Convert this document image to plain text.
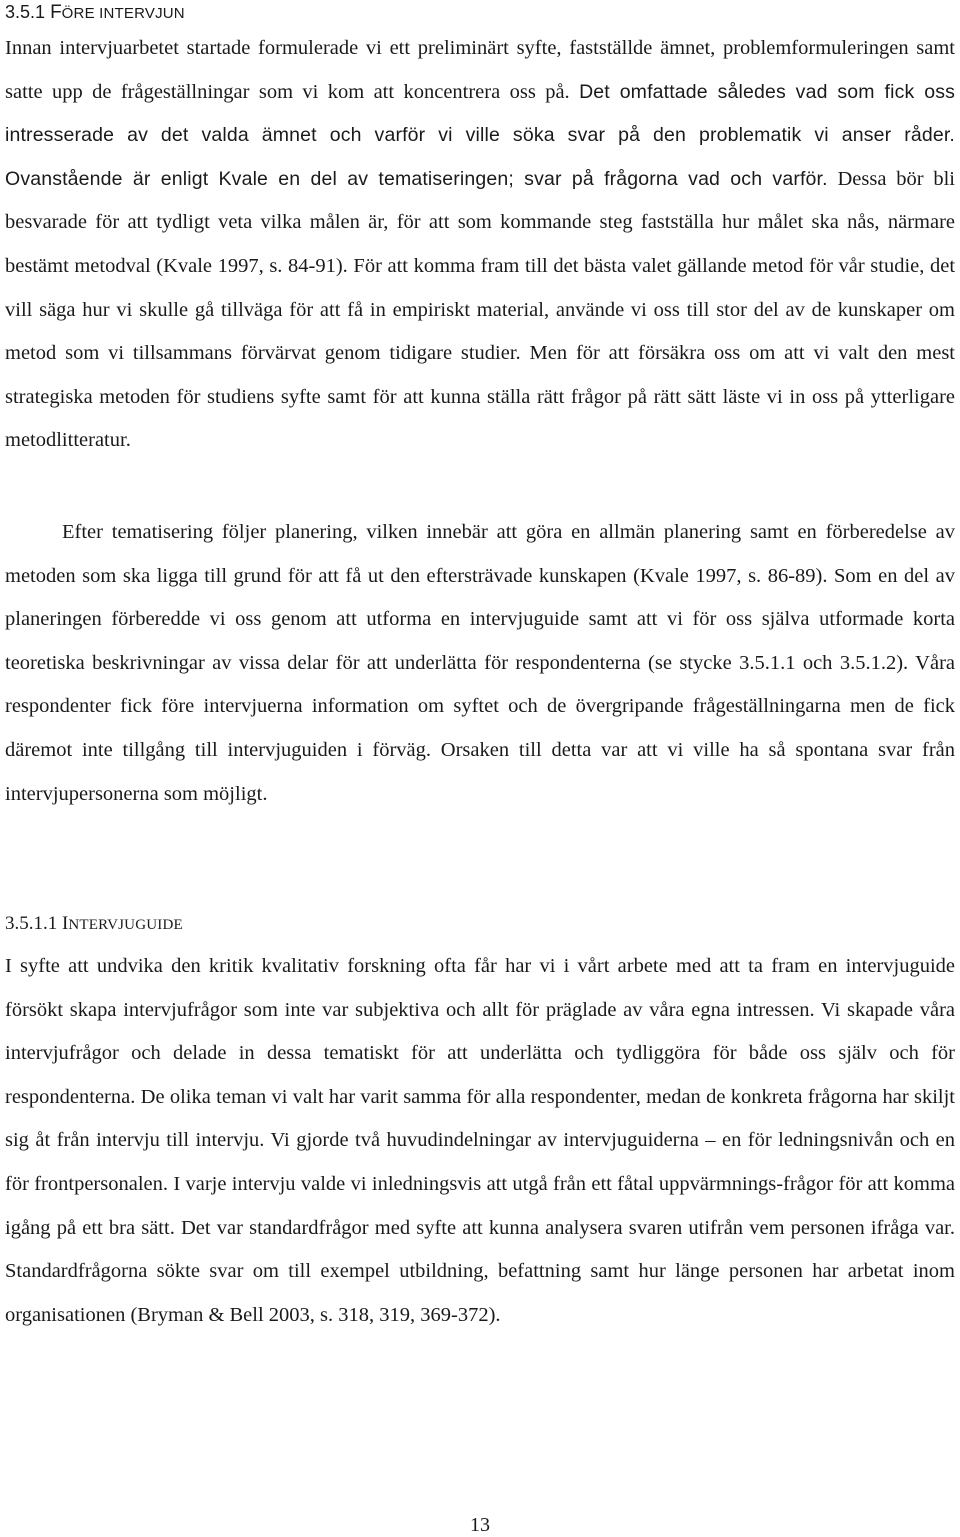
3.5.1 FÖRE INTERVJUN

Innan intervjuarbetet startade formulerade vi ett preliminärt syfte, fastställde ämnet, problemformuleringen samt satte upp de frågeställningar som vi kom att koncentrera oss på. Det omfattade således vad som fick oss intresserade av det valda ämnet och varför vi ville söka svar på den problematik vi anser råder. Ovanstående är enligt Kvale en del av tematiseringen; svar på frågorna vad och varför. Dessa bör bli besvarade för att tydligt veta vilka målen är, för att som kommande steg fastställa hur målet ska nås, närmare bestämt metodval (Kvale 1997, s. 84-91). För att komma fram till det bästa valet gällande metod för vår studie, det vill säga hur vi skulle gå tillväga för att få in empiriskt material, använde vi oss till stor del av de kunskaper om metod som vi tillsammans förvärvat genom tidigare studier. Men för att försäkra oss om att vi valt den mest strategiska metoden för studiens syfte samt för att kunna ställa rätt frågor på rätt sätt läste vi in oss på ytterligare metodlitteratur.

Efter tematisering följer planering, vilken innebär att göra en allmän planering samt en förberedelse av metoden som ska ligga till grund för att få ut den eftersträvade kunskapen (Kvale 1997, s. 86-89). Som en del av planeringen förberedde vi oss genom att utforma en intervjuguide samt att vi för oss själva utformade korta teoretiska beskrivningar av vissa delar för att underlätta för respondenterna (se stycke 3.5.1.1 och 3.5.1.2). Våra respondenter fick före intervjuerna information om syftet och de övergripande frågeställningarna men de fick däremot inte tillgång till intervjuguiden i förväg. Orsaken till detta var att vi ville ha så spontana svar från intervjupersonerna som möjligt.

3.5.1.1 INTERVJUGUIDE

I syfte att undvika den kritik kvalitativ forskning ofta får har vi i vårt arbete med att ta fram en intervjuguide försökt skapa intervjufrågor som inte var subjektiva och allt för präglade av våra egna intressen. Vi skapade våra intervjufrågor och delade in dessa tematiskt för att underlätta och tydliggöra för både oss själv och för respondenterna. De olika teman vi valt har varit samma för alla respondenter, medan de konkreta frågorna har skiljt sig åt från intervju till intervju. Vi gjorde två huvudindelningar av intervjuguiderna – en för ledningsnivån och en för frontpersonalen. I varje intervju valde vi inledningsvis att utgå från ett fåtal uppvärmnings-frågor för att komma igång på ett bra sätt. Det var standardfrågor med syfte att kunna analysera svaren utifrån vem personen ifråga var. Standardfrågorna sökte svar om till exempel utbildning, befattning samt hur länge personen har arbetat inom organisationen (Bryman & Bell 2003, s. 318, 319, 369-372).

13
